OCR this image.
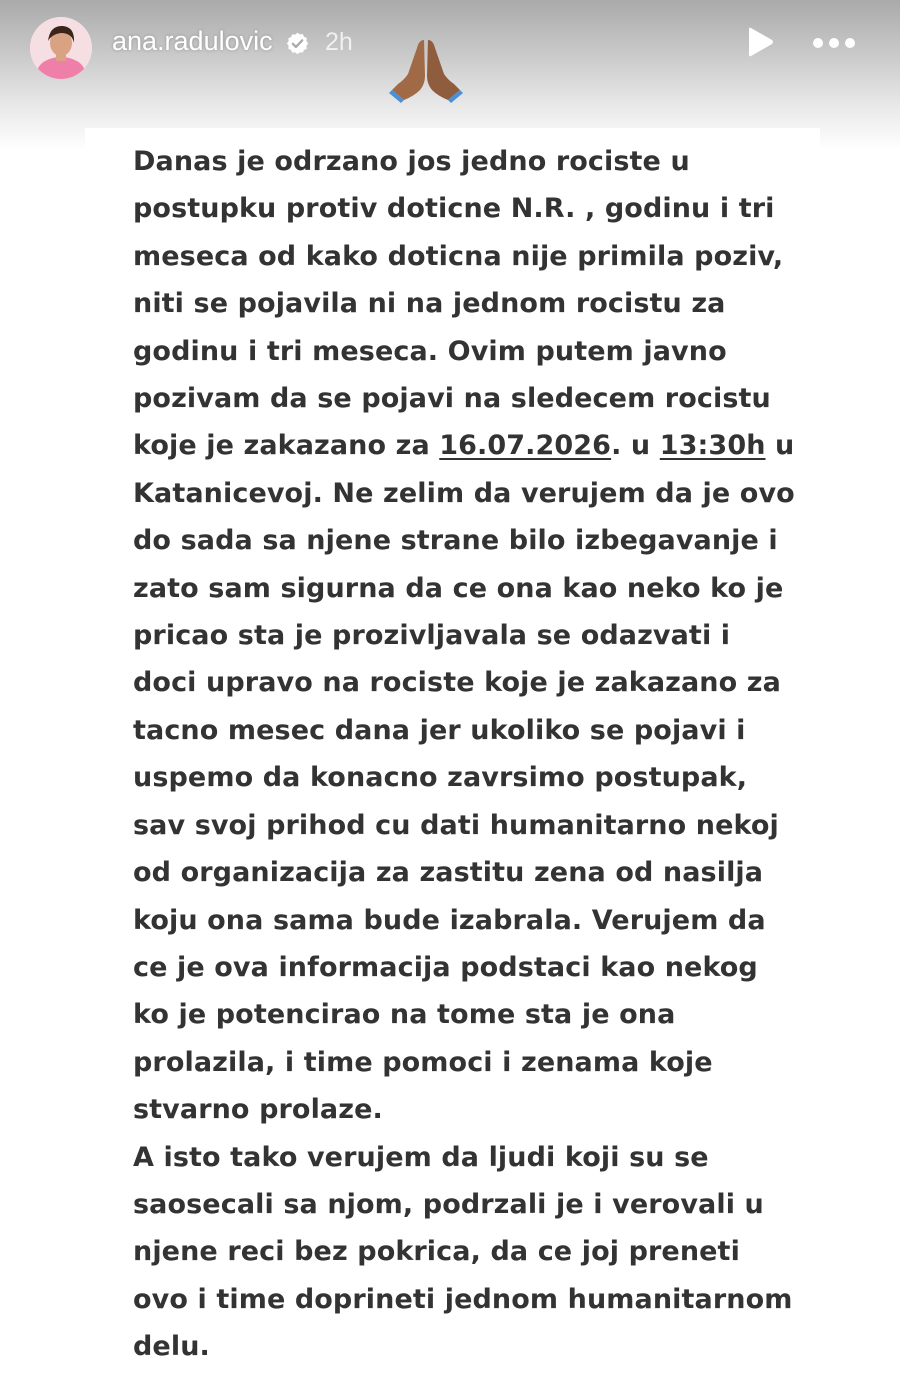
ana.radulovic 2h
Danas je odrzano jos jedno rociste u
postupku protiv doticne N.R. , godinu i tri
meseca od kako doticna nije primila poziv,
niti se pojavila ni na jednom rocistu za
godinu i tri meseca. Ovim putem javno
pozivam da se pojavi na sledecem rocistu
koje je zakazano za 16.07.2026. u 13:30h u
Katanicevoj. Ne zelim da verujem da je ovo
do sada sa njene strane bilo izbegavanje i
zato sam sigurna da ce ona kao neko ko je
pricao sta je prozivljavala se odazvati i
doci upravo na rociste koje je zakazano za
tacno mesec dana jer ukoliko se pojavi i
uspemo da konacno zavrsimo postupak,
sav svoj prihod cu dati humanitarno nekoj
od organizacija za zastitu zena od nasilja
koju ona sama bude izabrala. Verujem da
ce je ova informacija podstaci kao nekog
ko je potencirao na tome sta je ona
prolazila, i time pomoci i zenama koje
stvarno prolaze.
A isto tako verujem da ljudi koji su se
saosecali sa njom, podrzali je i verovali u
njene reci bez pokrica, da ce joj preneti
ovo i time doprineti jednom humanitarnom
delu.
